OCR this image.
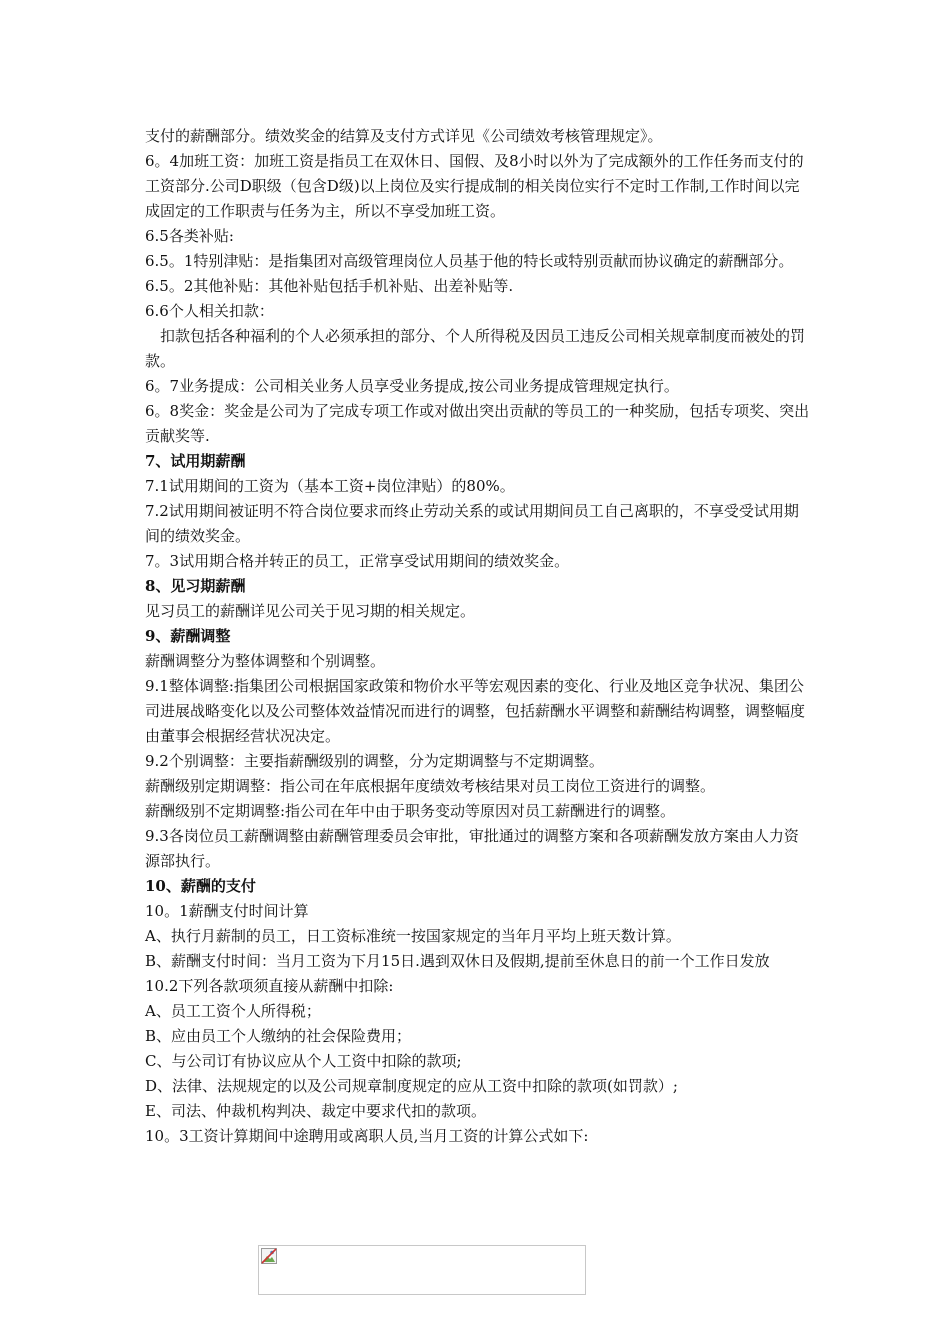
支付的薪酬部分。绩效奖金的结算及支付方式详见《公司绩效考核管理规定》。

6。4加班工资：加班工资是指员工在双休日、国假、及8小时以外为了完成额外的工作任务而支付的工资部分.公司D职级（包含D级)以上岗位及实行提成制的相关岗位实行不定时工作制,工作时间以完成固定的工作职责与任务为主，所以不享受加班工资。

6.5各类补贴:

6.5。1特别津贴：是指集团对高级管理岗位人员基于他的特长或特别贡献而协议确定的薪酬部分。

6.5。2其他补贴：其他补贴包括手机补贴、出差补贴等.

6.6个人相关扣款：

扣款包括各种福利的个人必须承担的部分、个人所得税及因员工违反公司相关规章制度而被处的罚款。

6。7业务提成：公司相关业务人员享受业务提成,按公司业务提成管理规定执行。

6。8奖金：奖金是公司为了完成专项工作或对做出突出贡献的等员工的一种奖励，包括专项奖、突出贡献奖等.

7、试用期薪酬

7.1试用期间的工资为（基本工资+岗位津贴）的80%。

7.2试用期间被证明不符合岗位要求而终止劳动关系的或试用期间员工自己离职的，不享受受试用期间的绩效奖金。

7。3试用期合格并转正的员工，正常享受试用期间的绩效奖金。

8、见习期薪酬

见习员工的薪酬详见公司关于见习期的相关规定。

9、薪酬调整

薪酬调整分为整体调整和个别调整。

9.1整体调整:指集团公司根据国家政策和物价水平等宏观因素的变化、行业及地区竞争状况、集团公司进展战略变化以及公司整体效益情况而进行的调整，包括薪酬水平调整和薪酬结构调整，调整幅度由董事会根据经营状况决定。

9.2个别调整：主要指薪酬级别的调整，分为定期调整与不定期调整。

薪酬级别定期调整：指公司在年底根据年度绩效考核结果对员工岗位工资进行的调整。

薪酬级别不定期调整:指公司在年中由于职务变动等原因对员工薪酬进行的调整。

9.3各岗位员工薪酬调整由薪酬管理委员会审批，审批通过的调整方案和各项薪酬发放方案由人力资源部执行。

10、薪酬的支付

10。1薪酬支付时间计算

A、执行月薪制的员工，日工资标准统一按国家规定的当年月平均上班天数计算。

B、薪酬支付时间：当月工资为下月15日.遇到双休日及假期,提前至休息日的前一个工作日发放

10.2下列各款项须直接从薪酬中扣除:

A、员工工资个人所得税；

B、应由员工个人缴纳的社会保险费用；

C、与公司订有协议应从个人工资中扣除的款项;

D、法律、法规规定的以及公司规章制度规定的应从工资中扣除的款项(如罚款）;

E、司法、仲裁机构判决、裁定中要求代扣的款项。

10。3工资计算期间中途聘用或离职人员,当月工资的计算公式如下:
